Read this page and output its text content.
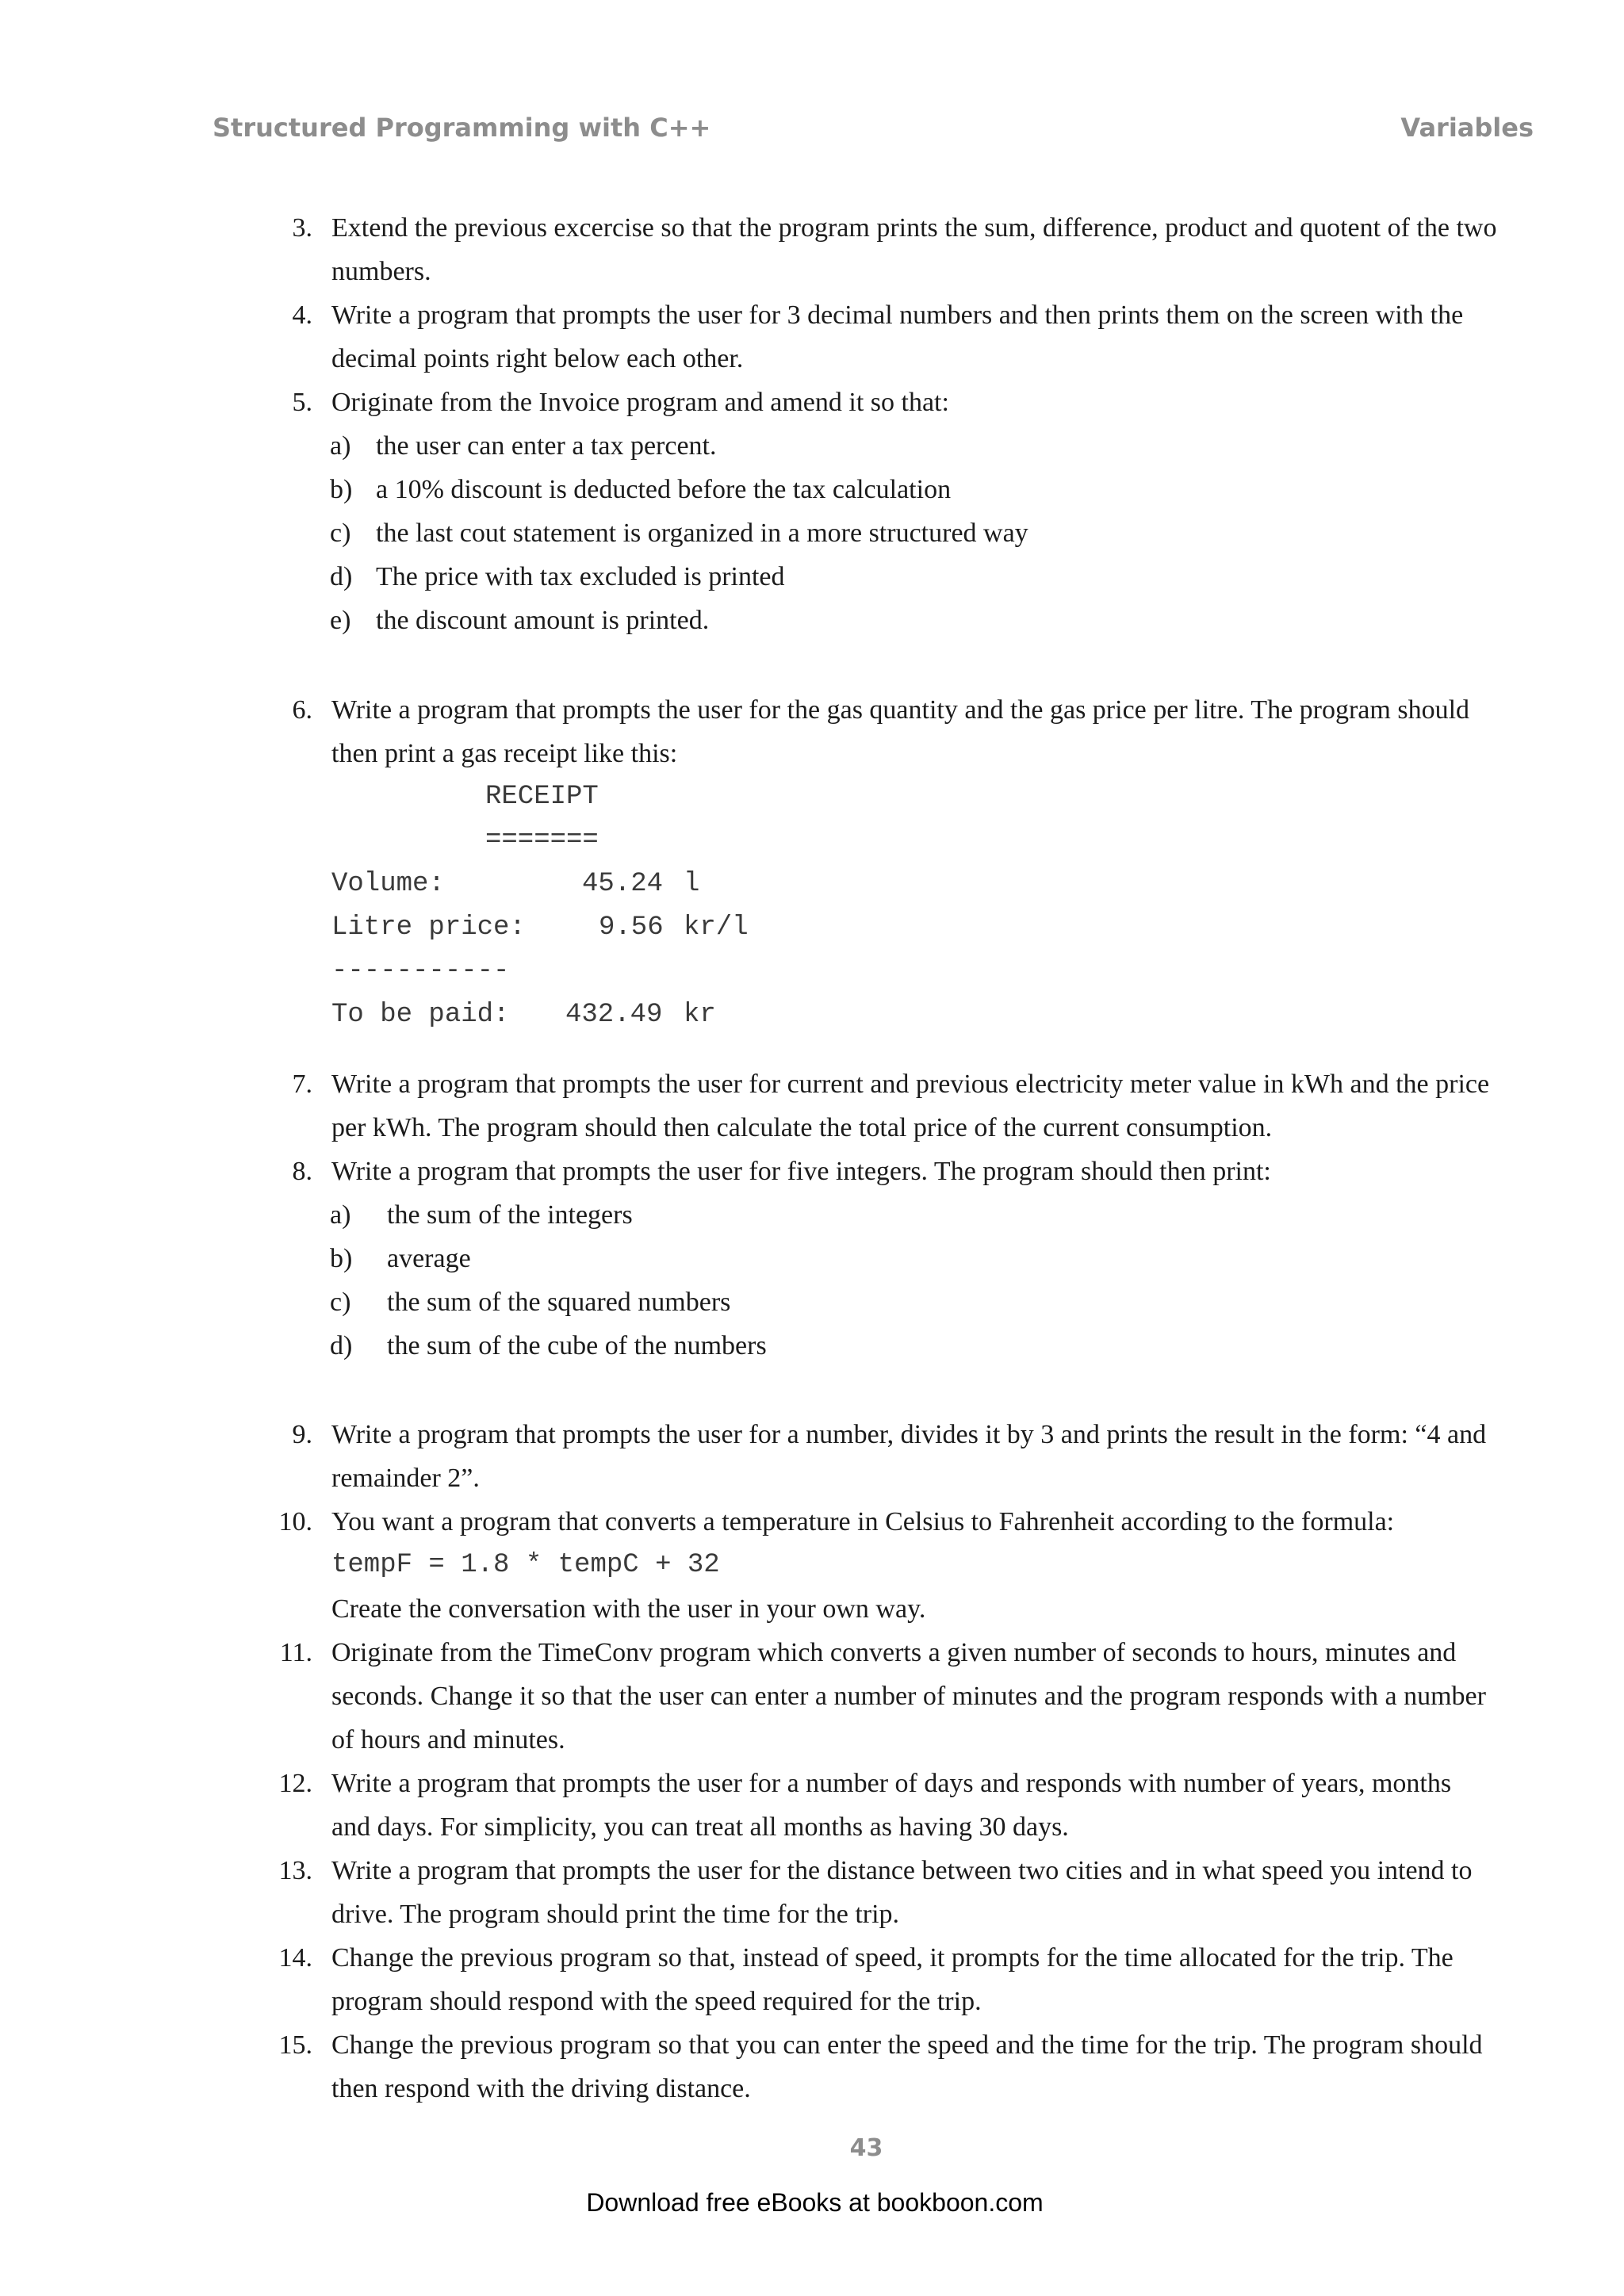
Structured Programming with C++	Variables
3. Extend the previous excercise so that the program prints the sum, difference, product and quotent of the two
numbers.
4. Write a program that prompts the user for 3 decimal numbers and then prints them on the screen with the
decimal points right below each other.
5. Originate from the Invoice program and amend it so that:
a) the user can enter a tax percent.
b) a 10% discount is deducted before the tax calculation
c) the last cout statement is organized in a more structured way
d) The price with tax excluded is printed
e) the discount amount is printed.
6. Write a program that prompts the user for the gas quantity and the gas price per litre. The program should
then print a gas receipt like this:
RECEIPT
=======
Volume:	45.24 l
Litre price:	9.56 kr/l
-----------
To be paid: 432.49 kr
7. Write a program that prompts the user for current and previous electricity meter value in kWh and the price
per kWh. The program should then calculate the total price of the current consumption.
8. Write a program that prompts the user for five integers. The program should then print:
a) the sum of the integers
b) average
c) the sum of the squared numbers
d) the sum of the cube of the numbers
9. Write a program that prompts the user for a number, divides it by 3 and prints the result in the form: “4 and
remainder 2”.
10. You want a program that converts a temperature in Celsius to Fahrenheit according to the formula:
tempF = 1.8 * tempC + 32
Create the conversation with the user in your own way.
11. Originate from the TimeConv program which converts a given number of seconds to hours, minutes and
seconds. Change it so that the user can enter a number of minutes and the program responds with a number
of hours and minutes.
12. Write a program that prompts the user for a number of days and responds with number of years, months
and days. For simplicity, you can treat all months as having 30 days.
13. Write a program that prompts the user for the distance between two cities and in what speed you intend to
drive. The program should print the time for the trip.
14. Change the previous program so that, instead of speed, it prompts for the time allocated for the trip. The
program should respond with the speed required for the trip.
15. Change the previous program so that you can enter the speed and the time for the trip. The program should
then respond with the driving distance.
43
Download free eBooks at bookboon.com
